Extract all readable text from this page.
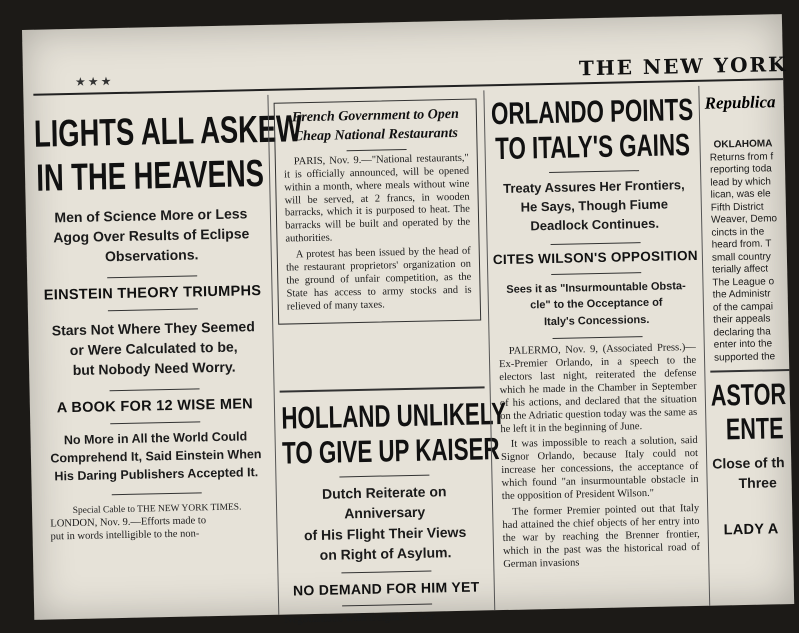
★★★
THE NEW YORK
LIGHTS ALL ASKEW
IN THE HEAVENS
Men of Science More or Less
Agog Over Results of Eclipse
Observations.
EINSTEIN THEORY TRIUMPHS
Stars Not Where They Seemed
or Were Calculated to be,
but Nobody Need Worry.
A BOOK FOR 12 WISE MEN
No More in All the World Could
Comprehend It, Said Einstein When
His Daring Publishers Accepted It.
Special Cable to THE NEW YORK TIMES.
LONDON, Nov. 9.—Efforts made to
put in words intelligible to the non-
French Government to Open
Cheap National Restaurants

PARIS, Nov. 9.—"National restaurants," it is officially announced, will be opened within a month, where meals without wine will be served, at 2 francs, in wooden barracks, which it is purposed to heat. The barracks will be built and operated by the authorities.

A protest has been issued by the head of the restaurant proprietors' organization on the ground of unfair competition, as the State has access to army stocks and is relieved of many taxes.

HOLLAND UNLIKELY
TO GIVE UP KAISER
Dutch Reiterate on Anniversary
of His Flight Their Views
on Right of Asylum.
NO DEMAND FOR HIM YET
Negotiations with Belgium Over
ORLANDO POINTS
TO ITALY'S GAINS
Treaty Assures Her Frontiers,
He Says, Though Fiume
Deadlock Continues.
CITES WILSON'S OPPOSITION
Sees it as "Insurmountable Obsta-
cle" to the Occeptance of
Italy's Concessions.

PALERMO, Nov. 9, (Associated Press.)—Ex-Premier Orlando, in a speech to the electors last night, reiterated the defense which he made in the Chamber in September of his actions, and declared that the situation on the Adriatic question today was the same as he left it in the beginning of June.

It was impossible to reach a solution, said Signor Orlando, because Italy could not increase her concessions, the acceptance of which found "an insurmountable obstacle in the opposition of President Wilson."

The former Premier pointed out that Italy had attained the chief objects of her entry into the war by reaching the Brenner frontier, which in the past was the historical road of German invasions

Republica
OKLAHOMA
Returns from f
reporting toda
lead by which
lican, was ele
Fifth District
Weaver, Demo
cincts in the
heard from. T
small country
terially affect
The League o
the Administr
of the campai
their appeals
declaring tha
enter into the
supported the
ASTOR
ENTE
Close of th
Three
LADY A
